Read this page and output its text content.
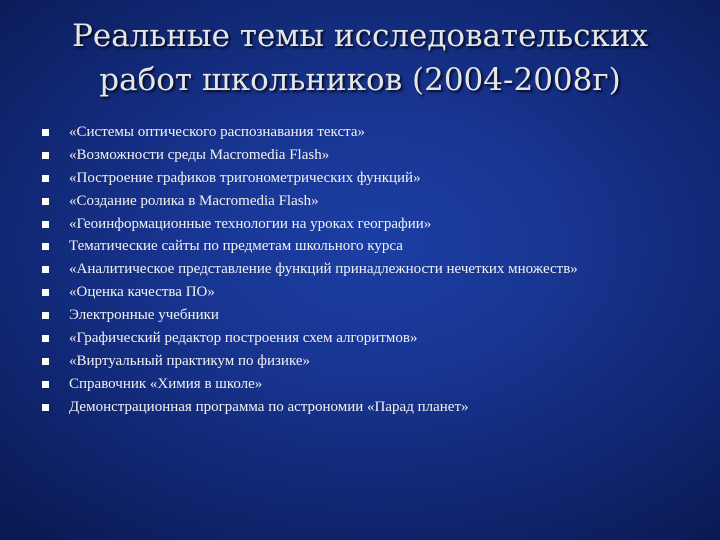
Реальные темы исследовательских
работ школьников (2004-2008г)
«Системы оптического распознавания текста»
«Возможности среды Macromedia Flash»
«Построение графиков тригонометрических функций»
«Создание ролика в Macromedia Flash»
«Геоинформационные технологии на уроках географии»
Тематические сайты по предметам школьного курса
«Аналитическое представление функций принадлежности нечетких множеств»
«Оценка качества ПО»
Электронные учебники
«Графический редактор построения схем алгоритмов»
«Виртуальный практикум по физике»
Справочник «Химия в школе»
Демонстрационная программа по астрономии «Парад планет»
